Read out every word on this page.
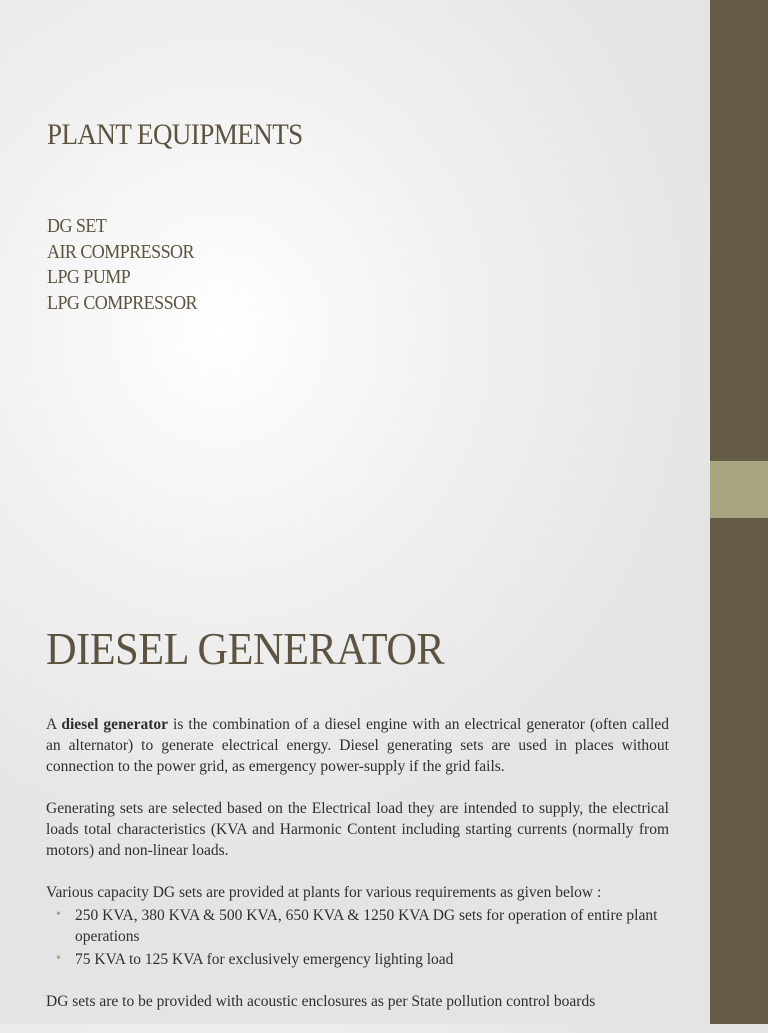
PLANT EQUIPMENTS
DG SET
AIR COMPRESSOR
LPG PUMP
LPG COMPRESSOR
DIESEL GENERATOR

A diesel generator is the combination of a diesel engine with an electrical generator (often called an alternator) to generate electrical energy. Diesel generating sets are used in places without connection to the power grid, as emergency power-supply if the grid fails.

Generating sets are selected based on the Electrical load they are intended to supply, the electrical loads total characteristics (KVA and Harmonic Content including starting currents (normally from motors) and non-linear loads.

Various capacity DG sets are provided at plants for various requirements as given below :

• 250 KVA, 380 KVA & 500 KVA, 650 KVA & 1250 KVA DG sets for operation of entire plant operations
• 75 KVA to 125 KVA for exclusively emergency lighting load

DG sets are to be provided with acoustic enclosures as per State pollution control boards
